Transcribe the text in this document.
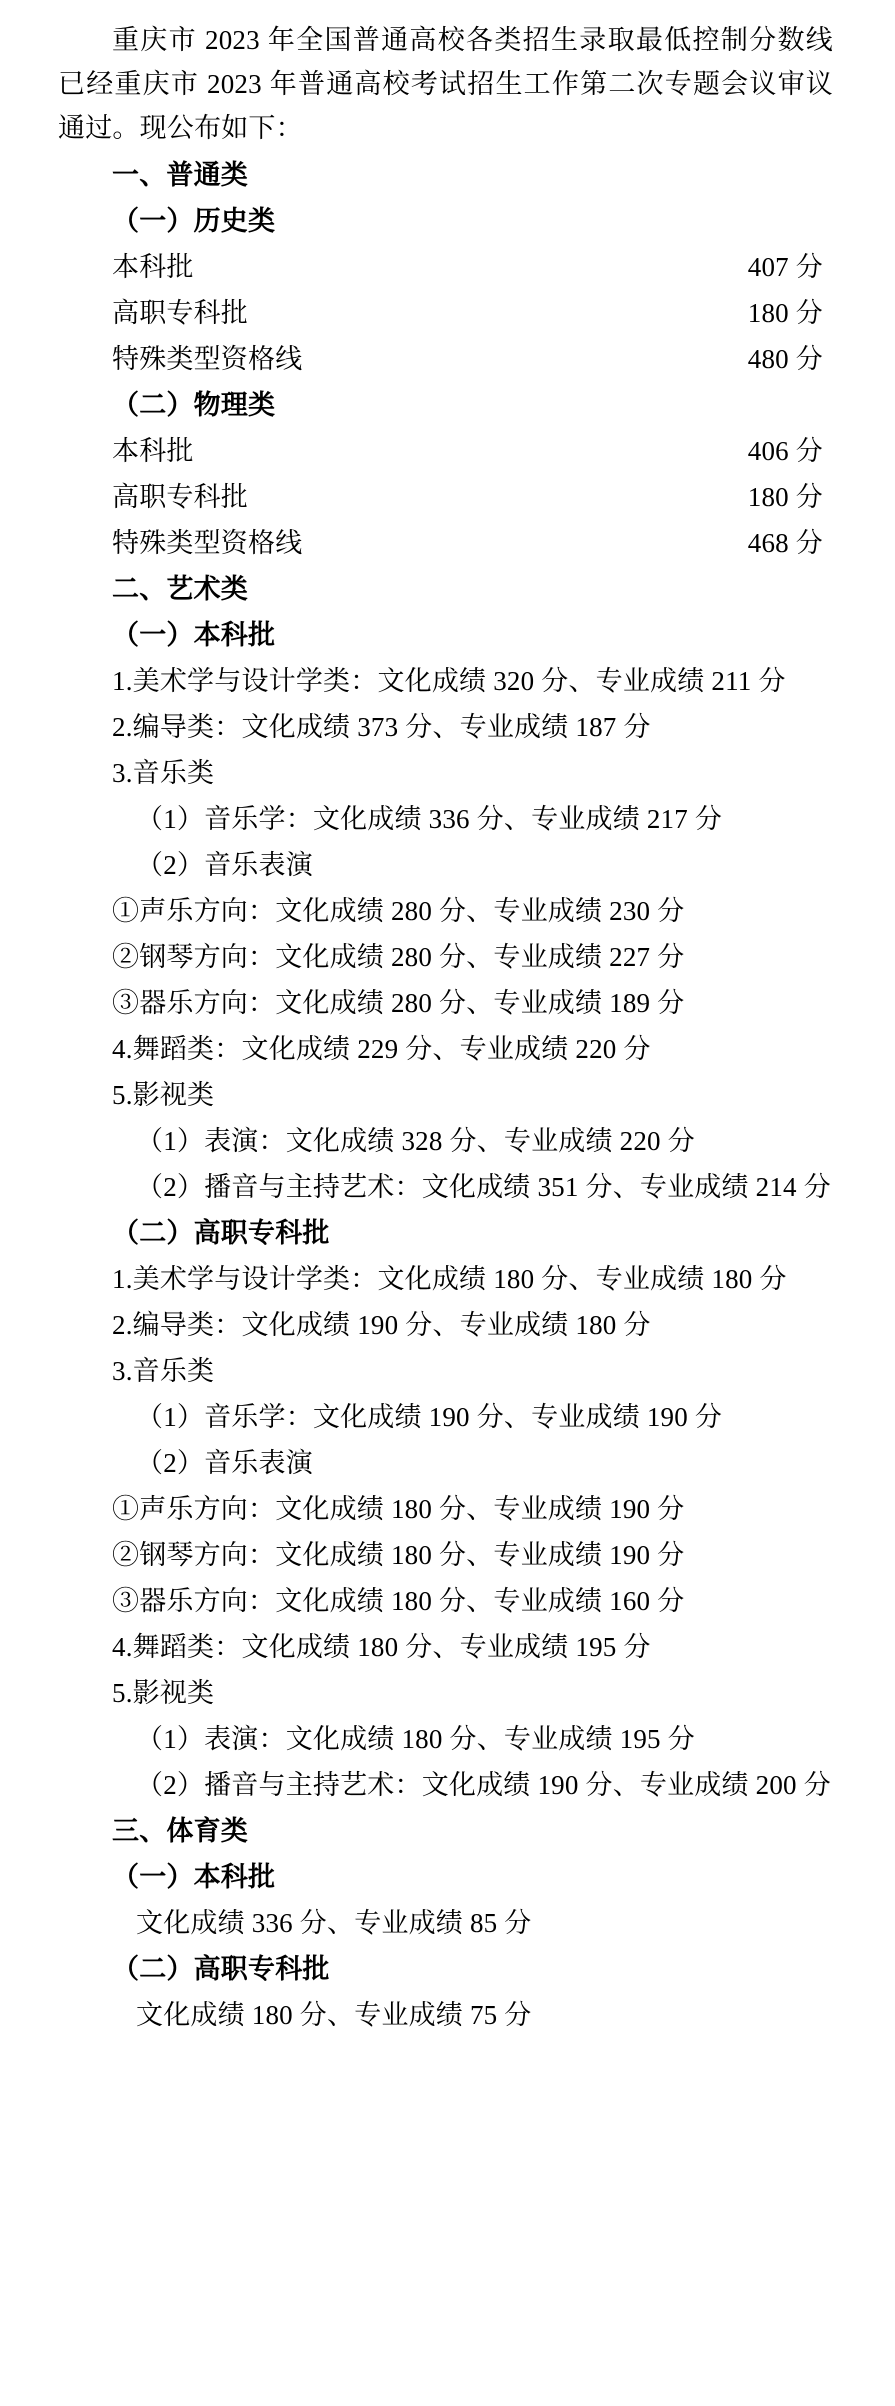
重庆市 2023 年全国普通高校各类招生录取最低控制分数线已经重庆市 2023 年普通高校考试招生工作第二次专题会议审议通过。现公布如下：

一、普通类

（一）历史类

本科批	407 分
高职专科批	180 分
特殊类型资格线	480 分

（二）物理类

本科批	406 分
高职专科批	180 分
特殊类型资格线	468 分

二、艺术类

（一）本科批

1.美术学与设计学类：文化成绩 320 分、专业成绩 211 分

2.编导类：文化成绩 373 分、专业成绩 187 分

3.音乐类

（1）音乐学：文化成绩 336 分、专业成绩 217 分

（2）音乐表演

①声乐方向：文化成绩 280 分、专业成绩 230 分

②钢琴方向：文化成绩 280 分、专业成绩 227 分

③器乐方向：文化成绩 280 分、专业成绩 189 分

4.舞蹈类：文化成绩 229 分、专业成绩 220 分

5.影视类

（1）表演：文化成绩 328 分、专业成绩 220 分

（2）播音与主持艺术：文化成绩 351 分、专业成绩 214 分

（二）高职专科批

1.美术学与设计学类：文化成绩 180 分、专业成绩 180 分

2.编导类：文化成绩 190 分、专业成绩 180 分

3.音乐类

（1）音乐学：文化成绩 190 分、专业成绩 190 分

（2）音乐表演

①声乐方向：文化成绩 180 分、专业成绩 190 分

②钢琴方向：文化成绩 180 分、专业成绩 190 分

③器乐方向：文化成绩 180 分、专业成绩 160 分

4.舞蹈类：文化成绩 180 分、专业成绩 195 分

5.影视类

（1）表演：文化成绩 180 分、专业成绩 195 分

（2）播音与主持艺术：文化成绩 190 分、专业成绩 200 分

三、体育类

（一）本科批

文化成绩 336 分、专业成绩 85 分

（二）高职专科批

文化成绩 180 分、专业成绩 75 分
